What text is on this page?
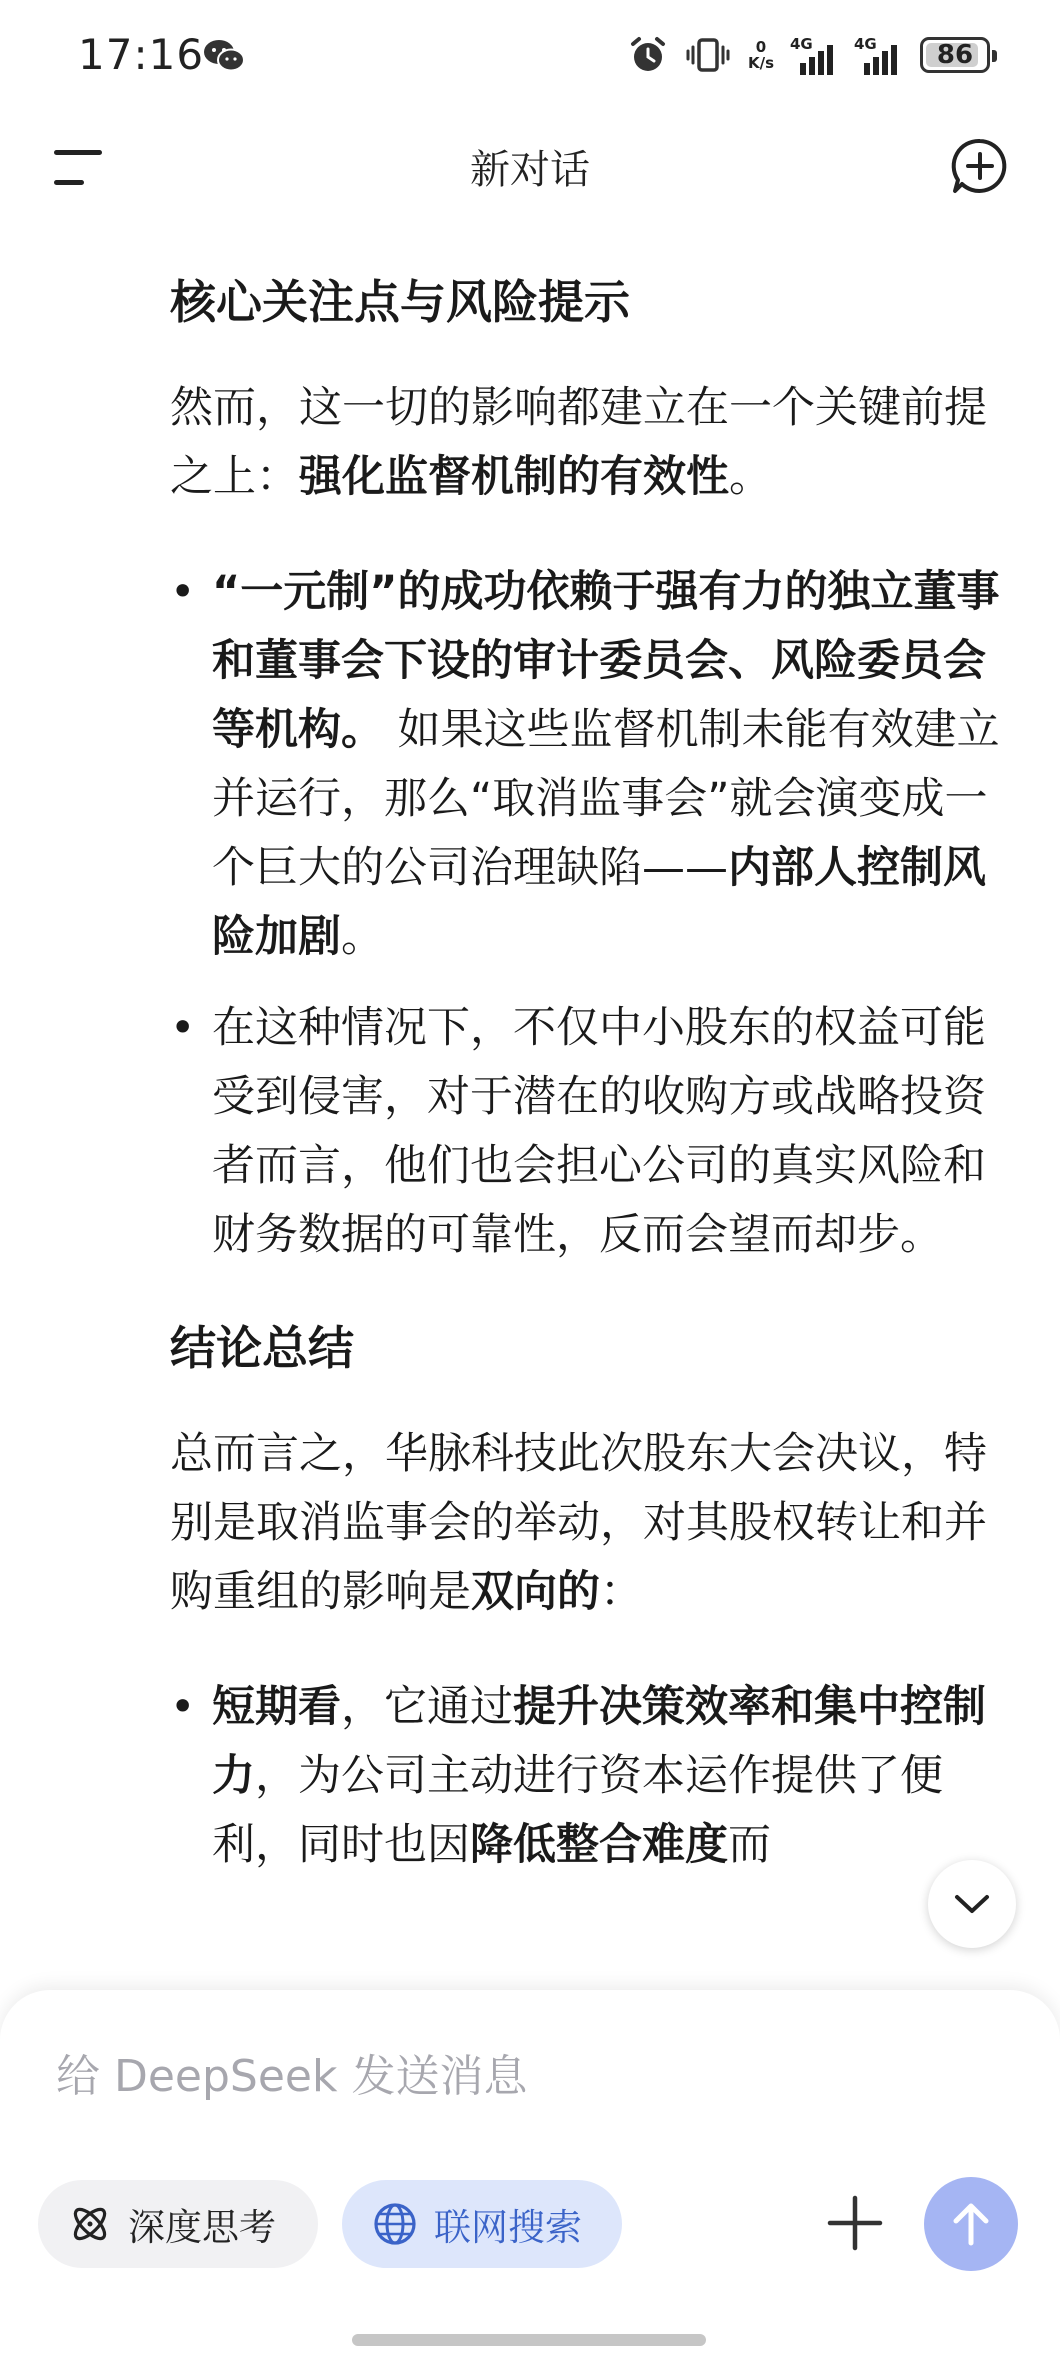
17:16	0
K/s
4G	4G 86
新对话
核心关注点与风险提示

然而，这一切的影响都建立在一个关键前提之上：强化监督机制的有效性。

• “一元制”的成功依赖于强有力的独立董事和董事会下设的审计委员会、风险委员会等机构。 如果这些监督机制未能有效建立并运行，那么“取消监事会”就会演变成一个巨大的公司治理缺陷——内部人控制风险加剧。
• 在这种情况下，不仅中小股东的权益可能受到侵害，对于潜在的收购方或战略投资者而言，他们也会担心公司的真实风险和财务数据的可靠性，反而会望而却步。
结论总结

总而言之，华脉科技此次股东大会决议，特别是取消监事会的举动，对其股权转让和并购重组的影响是双向的：

• 短期看，它通过提升决策效率和集中控制力，为公司主动进行资本运作提供了便利，同时也因降低整合难度而
给 DeepSeek 发送消息
深度思考	联网搜索
